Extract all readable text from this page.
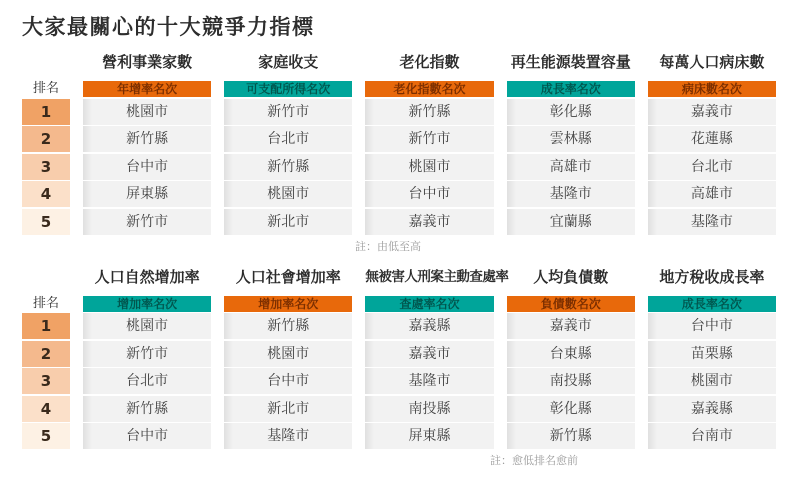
大家最關心的十大競爭力指標
排名
1
2
3
4
5
營利事業家數
年增率名次
桃園市
新竹縣
台中市
屏東縣
新竹市
家庭收支
可支配所得名次
新竹市
台北市
新竹縣
桃園市
新北市
老化指數
老化指數名次
新竹縣
新竹市
桃園市
台中市
嘉義市
再生能源裝置容量
成長率名次
彰化縣
雲林縣
高雄市
基隆市
宜蘭縣
每萬人口病床數
病床數名次
嘉義市
花蓮縣
台北市
高雄市
基隆市
註：由低至高
排名
1
2
3
4
5
人口自然增加率
增加率名次
桃園市
新竹市
台北市
新竹縣
台中市
人口社會增加率
增加率名次
新竹縣
桃園市
台中市
新北市
基隆市
無被害人刑案主動查處率
查處率名次
嘉義縣
嘉義市
基隆市
南投縣
屏東縣
人均負債數
負債數名次
嘉義市
台東縣
南投縣
彰化縣
新竹縣
地方稅收成長率
成長率名次
台中市
苗栗縣
桃園市
嘉義縣
台南市
註：愈低排名愈前
